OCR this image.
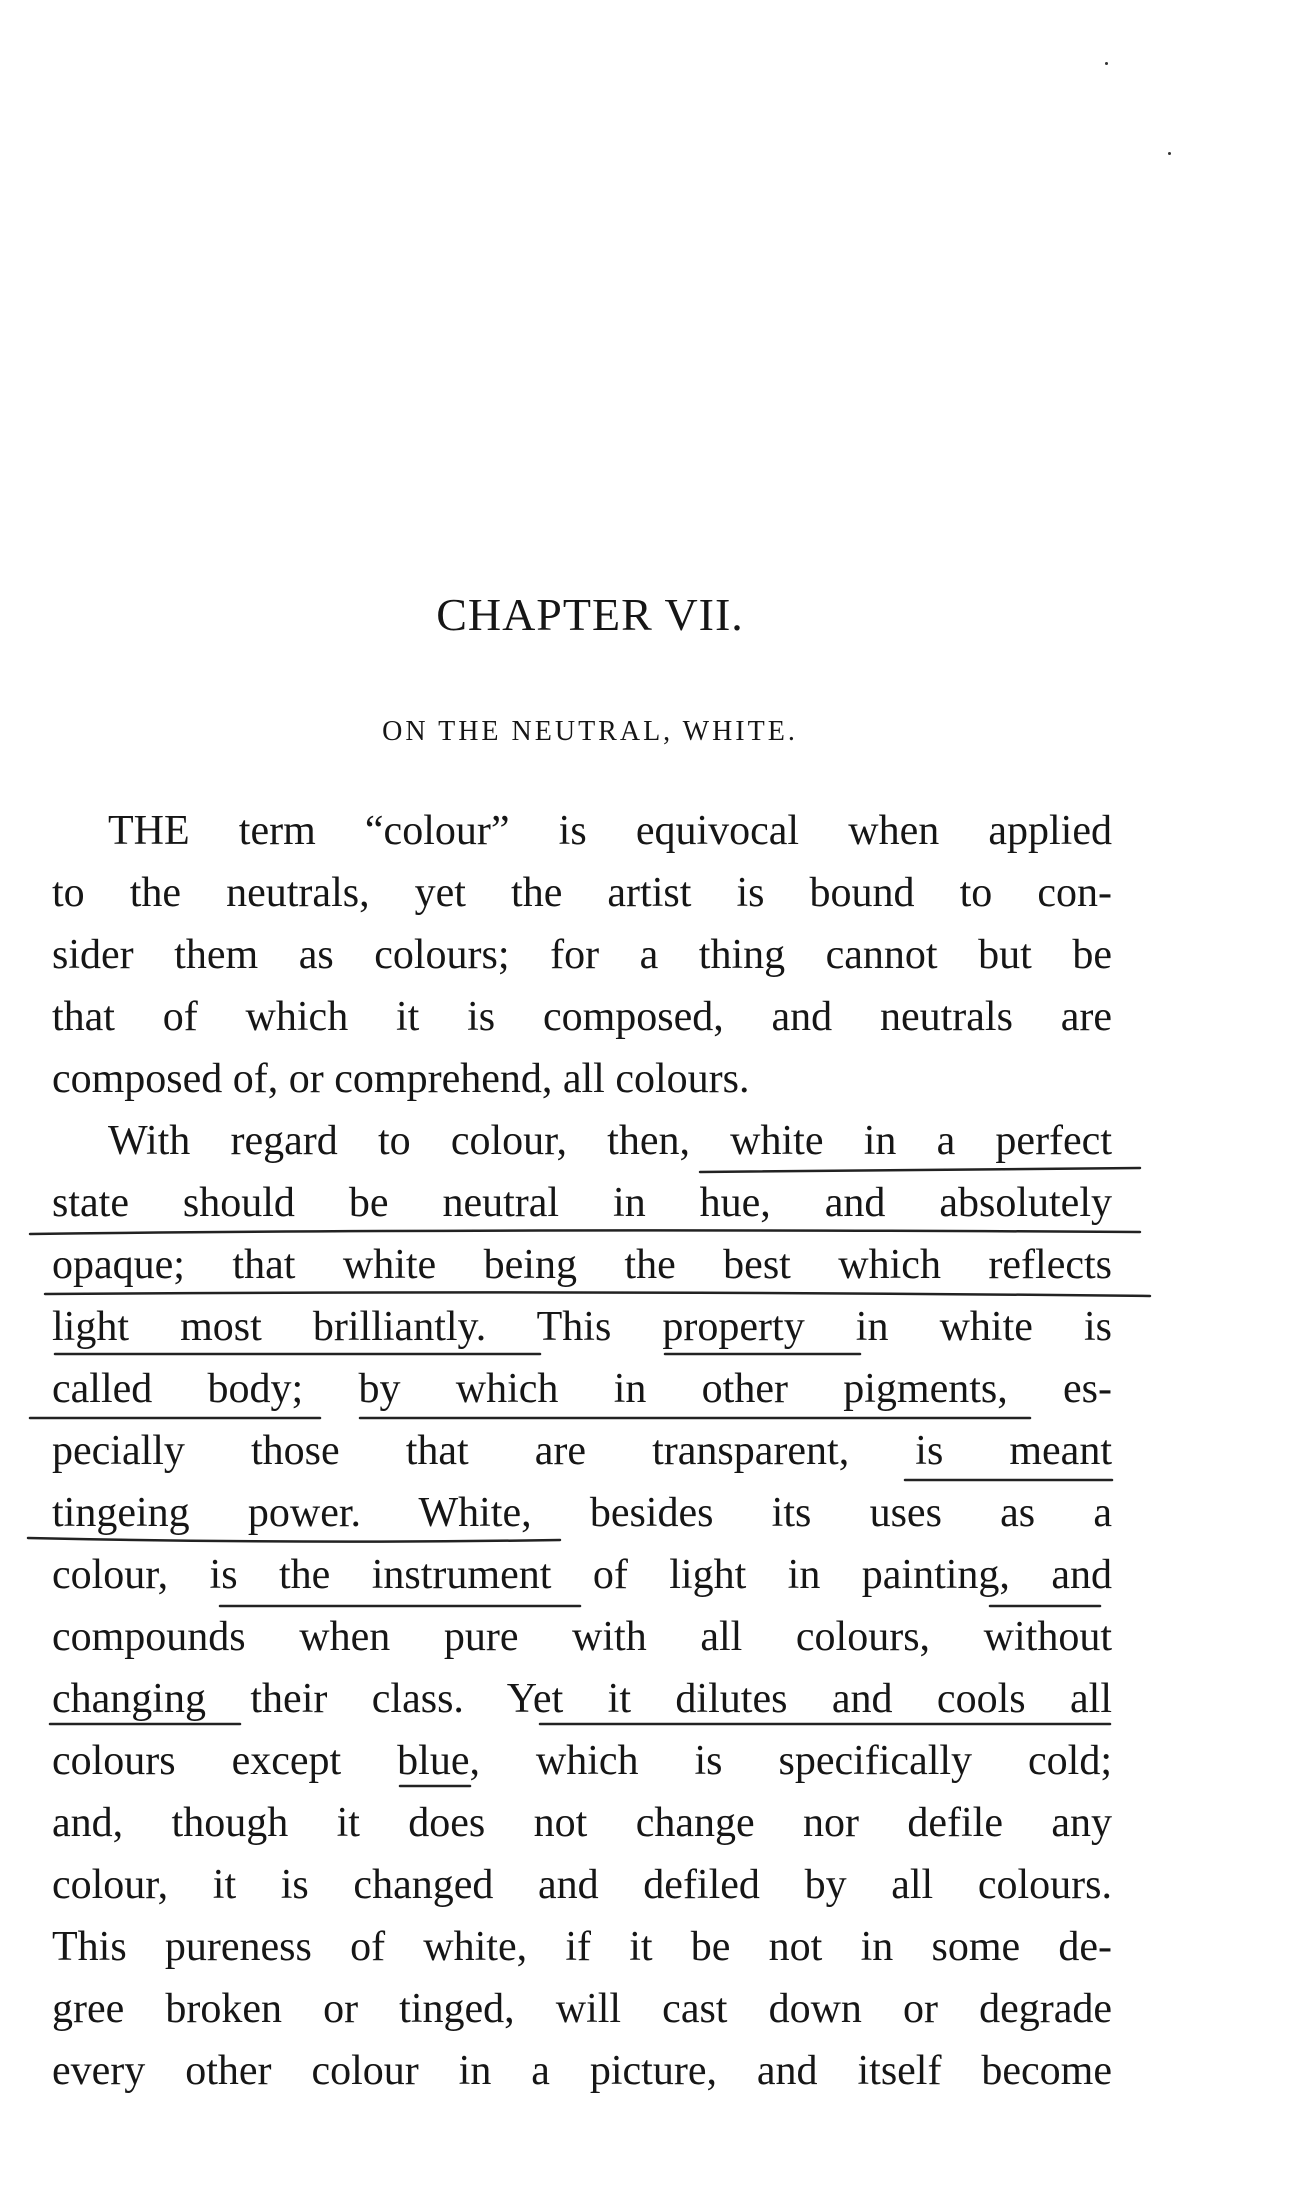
CHAPTER VII.
ON THE NEUTRAL, WHITE.
THE term “colour” is equivocal when applied
to the neutrals, yet the artist is bound to con-
sider them as colours; for a thing cannot but be
that of which it is composed, and neutrals are
composed of, or comprehend, all colours.
With regard to colour, then, white in a perfect
state should be neutral in hue, and absolutely
opaque; that white being the best which reflects
light most brilliantly. This property in white is
called body; by which in other pigments, es-
pecially those that are transparent, is meant
tingeing power. White, besides its uses as a
colour, is the instrument of light in painting, and
compounds when pure with all colours, without
changing their class. Yet it dilutes and cools all
colours except blue, which is specifically cold;
and, though it does not change nor defile any
colour, it is changed and defiled by all colours.
This pureness of white, if it be not in some de-
gree broken or tinged, will cast down or degrade
every other colour in a picture, and itself become
